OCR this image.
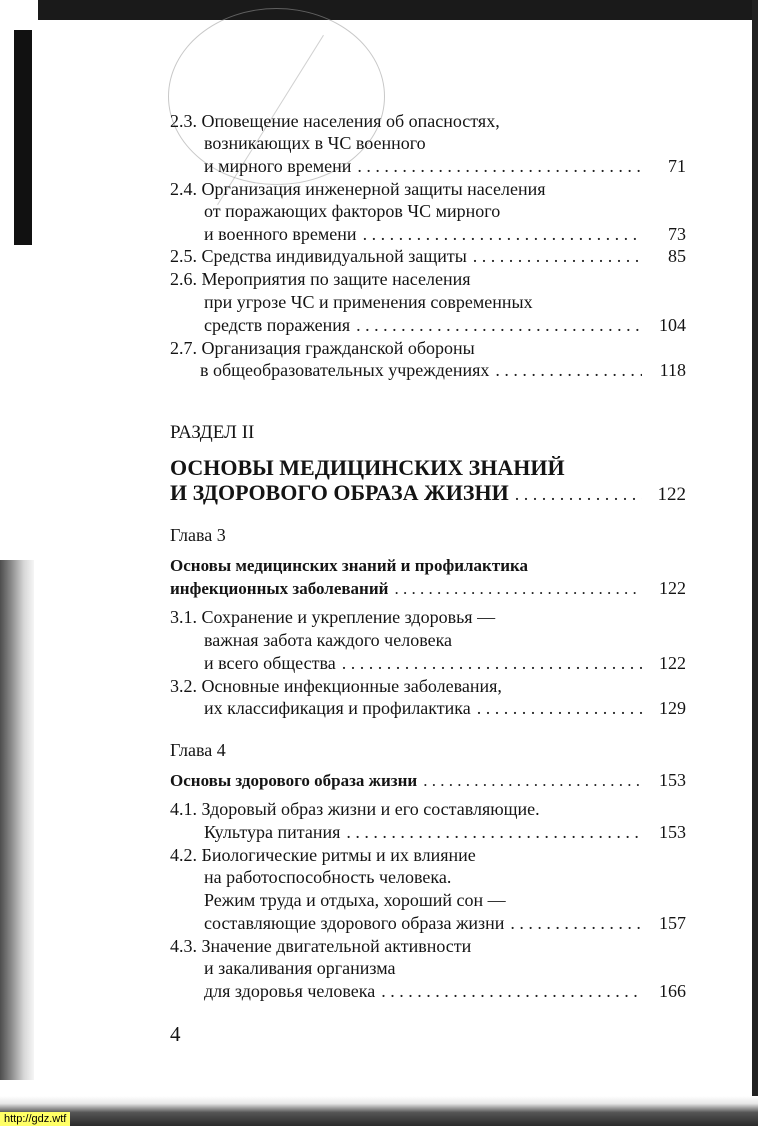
2.3. Оповещение населения об опасностях,
возникающих в ЧС военного
и мирного времени . . .	71
2.4. Организация инженерной защиты населения
от поражающих факторов ЧС мирного
и военного времени . . .	73
2.5.
Средства индивидуальной защиты . . .	85
2.6. Мероприятия по защите населения
при угрозе ЧС и применения современных
средств поражения . . .	104
2.7. Организация гражданской обороны
в общеобразовательных учреждениях . . .	118
РАЗДЕЛ II
ОСНОВЫ МЕДИЦИНСКИХ ЗНАНИЙ
И ЗДОРОВОГО ОБРАЗА ЖИЗНИ . . .	122
Глава 3
Основы медицинских знаний и профилактика
инфекционных заболеваний . . .	122
3.1. Сохранение и укрепление здоровья —
важная забота каждого человека
и всего общества . . .	122
3.2. Основные инфекционные заболевания,
их классификация и профилактика . . .	129
Глава 4
Основы здорового образа жизни . . .	153
4.1. Здоровый образ жизни и его составляющие.
Культура питания . . .	153
4.2. Биологические ритмы и их влияние
на работоспособность человека.
Режим труда и отдыха, хороший сон —
составляющие здорового образа жизни . . .	157
4.3. Значение двигательной активности
и закаливания организма
для здоровья человека . . .	166
4
http://gdz.wtf
